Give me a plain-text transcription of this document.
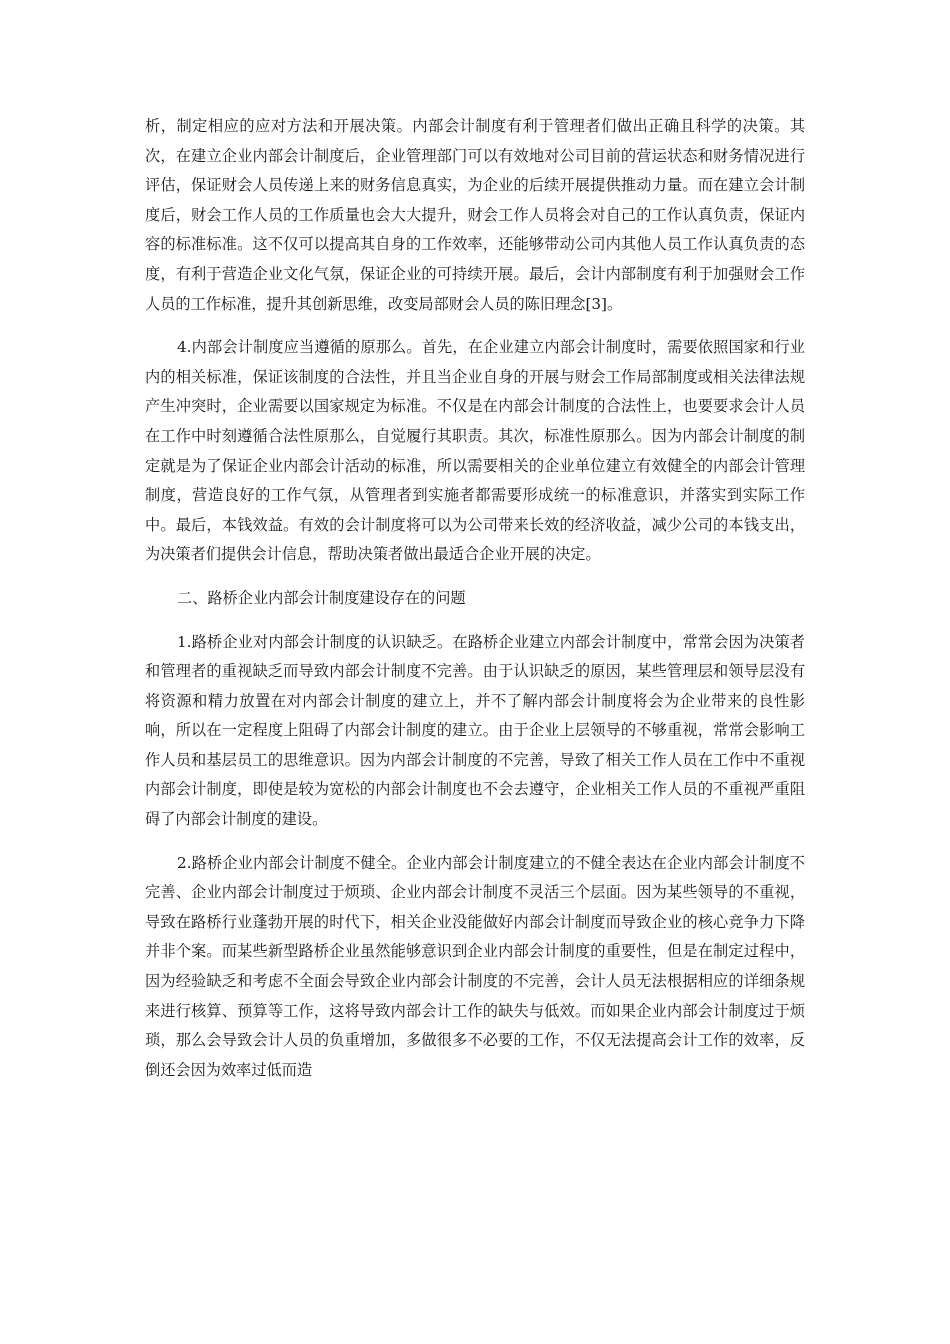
析，制定相应的应对方法和开展决策。内部会计制度有利于管理者们做出正确且科学的决策。其次，在建立企业内部会计制度后，企业管理部门可以有效地对公司目前的营运状态和财务情况进行评估，保证财会人员传递上来的财务信息真实，为企业的后续开展提供推动力量。而在建立会计制度后，财会工作人员的工作质量也会大大提升，财会工作人员将会对自己的工作认真负责，保证内容的标准标准。这不仅可以提高其自身的工作效率，还能够带动公司内其他人员工作认真负责的态度，有利于营造企业文化气氛，保证企业的可持续开展。最后，会计内部制度有利于加强财会工作人员的工作标准，提升其创新思维，改变局部财会人员的陈旧理念[3]。

4.内部会计制度应当遵循的原那么。首先，在企业建立内部会计制度时，需要依照国家和行业内的相关标准，保证该制度的合法性，并且当企业自身的开展与财会工作局部制度或相关法律法规产生冲突时，企业需要以国家规定为标准。不仅是在内部会计制度的合法性上，也要要求会计人员在工作中时刻遵循合法性原那么，自觉履行其职责。其次，标准性原那么。因为内部会计制度的制定就是为了保证企业内部会计活动的标准，所以需要相关的企业单位建立有效健全的内部会计管理制度，营造良好的工作气氛，从管理者到实施者都需要形成统一的标准意识，并落实到实际工作中。最后，本钱效益。有效的会计制度将可以为公司带来长效的经济收益，减少公司的本钱支出，为决策者们提供会计信息，帮助决策者做出最适合企业开展的决定。

二、路桥企业内部会计制度建设存在的问题

1.路桥企业对内部会计制度的认识缺乏。在路桥企业建立内部会计制度中，常常会因为决策者和管理者的重视缺乏而导致内部会计制度不完善。由于认识缺乏的原因，某些管理层和领导层没有将资源和精力放置在对内部会计制度的建立上，并不了解内部会计制度将会为企业带来的良性影响，所以在一定程度上阻碍了内部会计制度的建立。由于企业上层领导的不够重视，常常会影响工作人员和基层员工的思维意识。因为内部会计制度的不完善，导致了相关工作人员在工作中不重视内部会计制度，即使是较为宽松的内部会计制度也不会去遵守，企业相关工作人员的不重视严重阻碍了内部会计制度的建设。

2.路桥企业内部会计制度不健全。企业内部会计制度建立的不健全表达在企业内部会计制度不完善、企业内部会计制度过于烦琐、企业内部会计制度不灵活三个层面。因为某些领导的不重视，导致在路桥行业蓬勃开展的时代下，相关企业没能做好内部会计制度而导致企业的核心竞争力下降并非个案。而某些新型路桥企业虽然能够意识到企业内部会计制度的重要性，但是在制定过程中，因为经验缺乏和考虑不全面会导致企业内部会计制度的不完善，会计人员无法根据相应的详细条规来进行核算、预算等工作，这将导致内部会计工作的缺失与低效。而如果企业内部会计制度过于烦琐，那么会导致会计人员的负重增加，多做很多不必要的工作，不仅无法提高会计工作的效率，反倒还会因为效率过低而造
